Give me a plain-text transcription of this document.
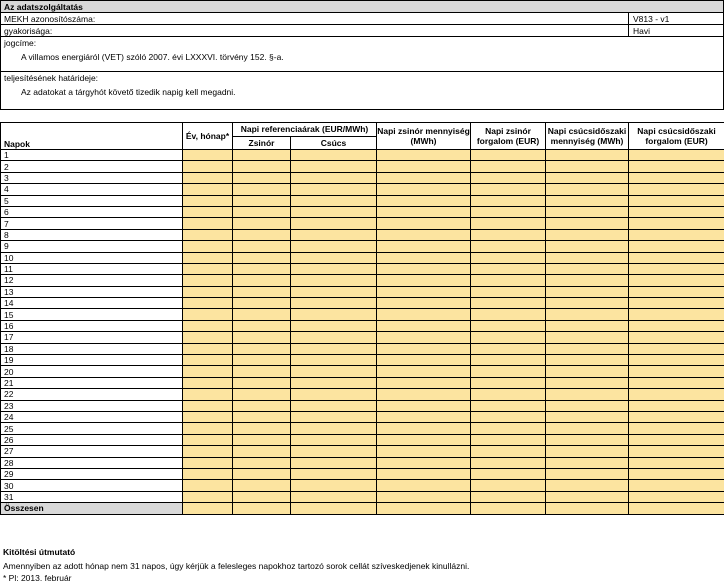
Az adatszolgáltatás
MEKH azonosítószáma:	V813 - v1
gyakorisága:	Havi
jogcíme:
A villamos energiáról (VET) szóló 2007. évi LXXXVI. törvény 152. §-a.
teljesítésének határideje:
Az adatokat a tárgyhót követő tizedik napig kell megadni.
Napok	Év, hónap*	Napi referenciaárak (EUR/MWh)		Napi zsinór mennyiség (MWh)	Napi zsinór forgalom (EUR)	Napi csúcsidőszaki mennyiség (MWh)	Napi csúcsidőszaki forgalom (EUR)
		Zsinór	Csúcs				
1							
2							
3							
4							
5							
6							
7							
8							
9							
10							
11							
12							
13							
14							
15							
16							
17							
18							
19							
20							
21							
22							
23							
24							
25							
26							
27							
28							
29							
30							
31							
Összesen							
Kitöltési útmutató
Amennyiben az adott hónap nem 31 napos, úgy kérjük a felesleges napokhoz tartozó sorok cellát szíveskedjenek kinullázni.
* Pl: 2013. február
